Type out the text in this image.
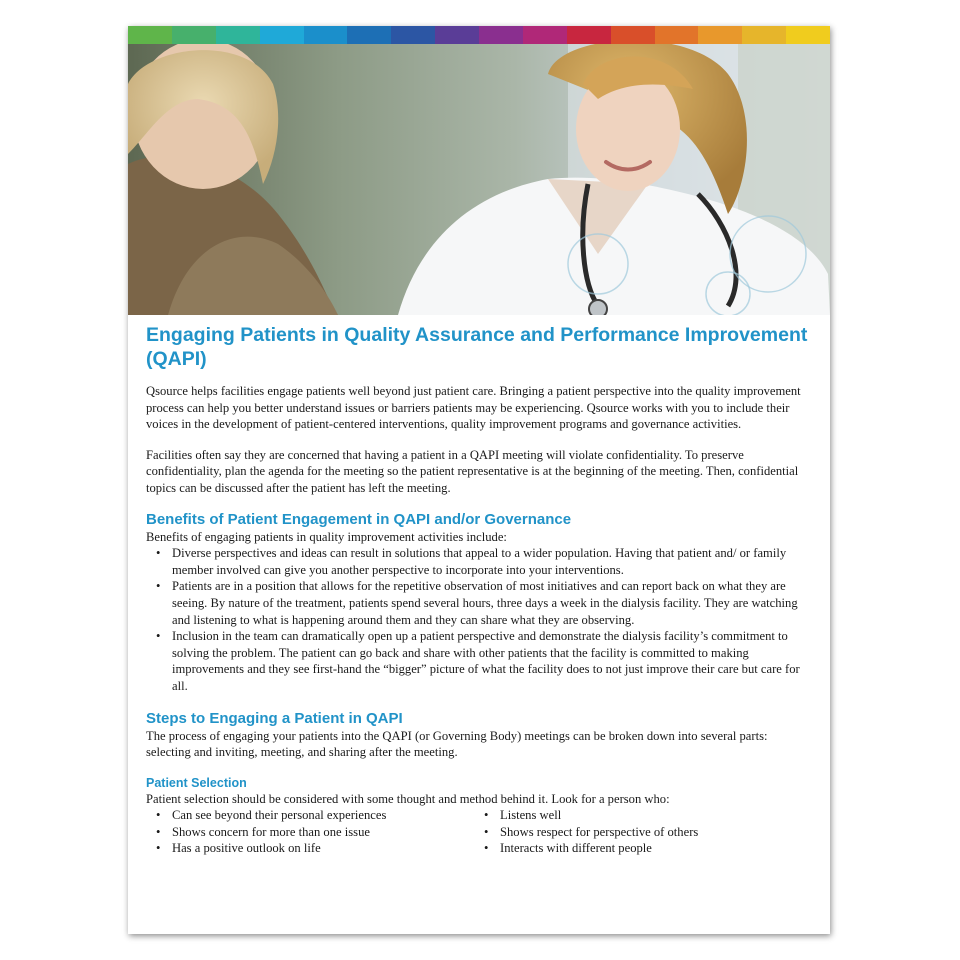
Engaging Patients in Quality Assurance and Performance Improvement (QAPI)

Qsource helps facilities engage patients well beyond just patient care. Bringing a patient perspective into the quality improvement process can help you better understand issues or barriers patients may be experiencing. Qsource works with you to include their voices in the development of patient-centered interventions, quality improvement programs and governance activities.

Facilities often say they are concerned that having a patient in a QAPI meeting will violate confidentiality. To preserve confidentiality, plan the agenda for the meeting so the patient representative is at the beginning of the meeting. Then, confidential topics can be discussed after the patient has left the meeting.

Benefits of Patient Engagement in QAPI and/or Governance

Benefits of engaging patients in quality improvement activities include:

• Diverse perspectives and ideas can result in solutions that appeal to a wider population. Having that patient and/ or family member involved can give you another perspective to incorporate into your interventions.
• Patients are in a position that allows for the repetitive observation of most initiatives and can report back on what they are seeing. By nature of the treatment, patients spend several hours, three days a week in the dialysis facility. They are watching and listening to what is happening around them and they can share what they are observing.
• Inclusion in the team can dramatically open up a patient perspective and demonstrate the dialysis facility’s commitment to solving the problem. The patient can go back and share with other patients that the facility is committed to making improvements and they see first-hand the “bigger” picture of what the facility does to not just improve their care but care for all.
Steps to Engaging a Patient in QAPI

The process of engaging your patients into the QAPI (or Governing Body) meetings can be broken down into several parts: selecting and inviting, meeting, and sharing after the meeting.

Patient Selection

Patient selection should be considered with some thought and method behind it. Look for a person who:

• Can see beyond their personal experiences
• Shows concern for more than one issue
• Has a positive outlook on life
• Listens well
• Shows respect for perspective of others
• Interacts with different people
